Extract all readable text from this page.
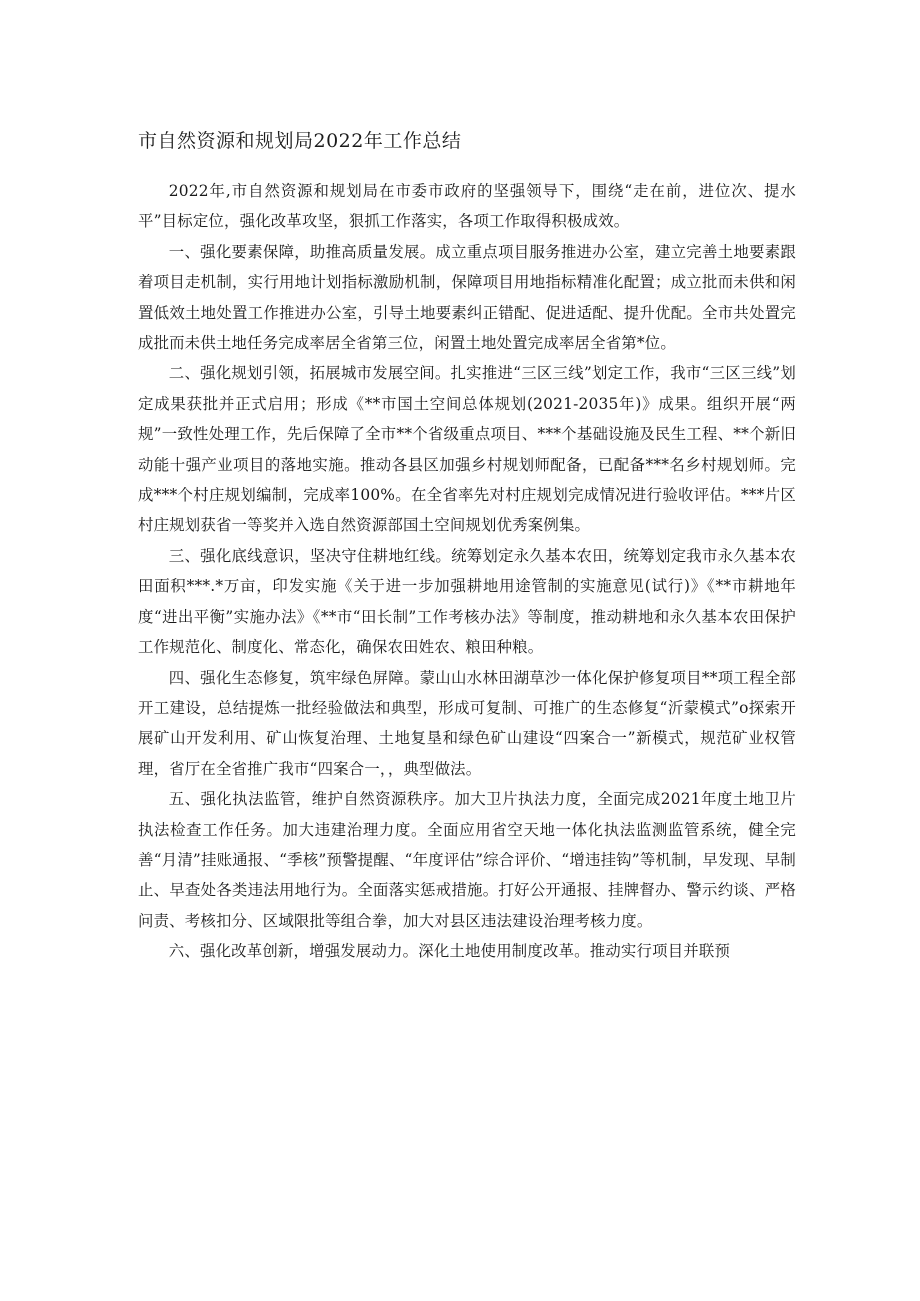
市自然资源和规划局2022年工作总结

2022年,市自然资源和规划局在市委市政府的坚强领导下，围绕“走在前，进位次、提水平”目标定位，强化改革攻坚，狠抓工作落实，各项工作取得积极成效。

一、强化要素保障，助推高质量发展。成立重点项目服务推进办公室，建立完善土地要素跟着项目走机制，实行用地计划指标激励机制，保障项目用地指标精准化配置；成立批而未供和闲置低效土地处置工作推进办公室，引导土地要素纠正错配、促进适配、提升优配。全市共处置完成批而未供土地任务完成率居全省第三位，闲置土地处置完成率居全省第*位。

二、强化规划引领，拓展城市发展空间。扎实推进“三区三线”划定工作，我市“三区三线”划定成果获批并正式启用；形成《**市国土空间总体规划(2021-2035年)》成果。组织开展“两规”一致性处理工作，先后保障了全市**个省级重点项目、***个基础设施及民生工程、**个新旧动能十强产业项目的落地实施。推动各县区加强乡村规划师配备，已配备***名乡村规划师。完成***个村庄规划编制，完成率100%。在全省率先对村庄规划完成情况进行验收评估。***片区村庄规划获省一等奖并入选自然资源部国土空间规划优秀案例集。

三、强化底线意识，坚决守住耕地红线。统筹划定永久基本农田，统筹划定我市永久基本农田面积***.*万亩，印发实施《关于进一步加强耕地用途管制的实施意见(试行)》《**市耕地年度“进出平衡”实施办法》《**市“田长制”工作考核办法》等制度，推动耕地和永久基本农田保护工作规范化、制度化、常态化，确保农田姓农、粮田种粮。

四、强化生态修复，筑牢绿色屏障。蒙山山水林田湖草沙一体化保护修复项目**项工程全部开工建设，总结提炼一批经验做法和典型，形成可复制、可推广的生态修复“沂蒙模式”o探索开展矿山开发利用、矿山恢复治理、土地复垦和绿色矿山建设“四案合一”新模式，规范矿业权管理，省厅在全省推广我市“四案合一，，典型做法。

五、强化执法监管，维护自然资源秩序。加大卫片执法力度，全面完成2021年度土地卫片执法检查工作任务。加大违建治理力度。全面应用省空天地一体化执法监测监管系统，健全完善“月清”挂账通报、“季核”预警提醒、“年度评估”综合评价、“增违挂钩”等机制，早发现、早制止、早查处各类违法用地行为。全面落实惩戒措施。打好公开通报、挂牌督办、警示约谈、严格问责、考核扣分、区域限批等组合拳，加大对县区违法建设治理考核力度。

六、强化改革创新，增强发展动力。深化土地使用制度改革。推动实行项目并联预
